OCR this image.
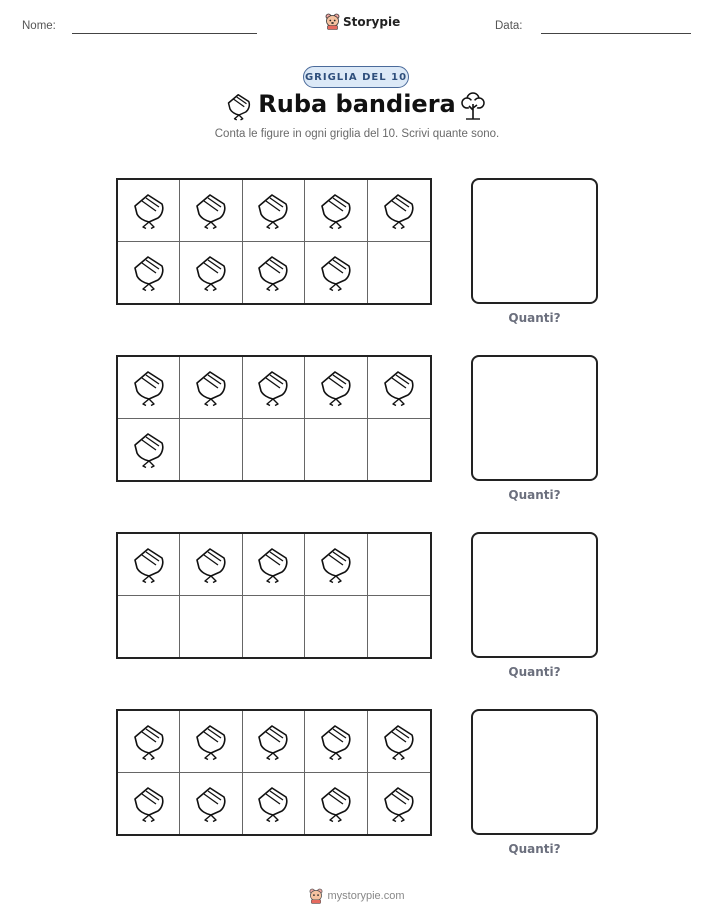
Nome:	Storypie	Data:
GRIGLIA DEL 10
Ruba bandiera
Conta le figure in ogni griglia del 10. Scrivi quante sono.
Quanti?
Quanti?
Quanti?
Quanti?
mystorypie.com
